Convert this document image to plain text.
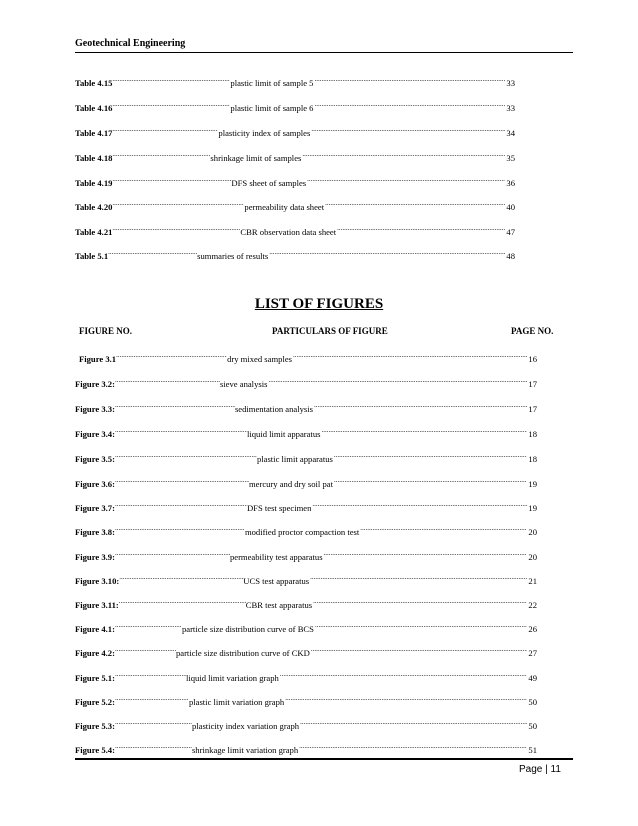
Geotechnical Engineering
Table 4.15 .....	plastic limit of sample 5 .....	33
Table 4.16 .....	plastic limit of sample 6 .....	33
Table 4.17 .....	plasticity index of samples .....	34
Table 4.18 .....	shrinkage limit of samples .....	35
Table 4.19 .....	DFS sheet of samples .....	36
Table 4.20 .....	permeability data sheet .....	40
Table 4.21 .....	CBR observation data sheet .....	47
Table 5.1 .....	summaries of results .....	48
LIST OF FIGURES
FIGURE NO.	PARTICULARS OF FIGURE	PAGE NO.
Figure 3.1 .....	dry mixed samples .....	16
Figure 3.2: .....	sieve analysis .....	17
Figure 3.3: .....	sedimentation analysis .....	17
Figure 3.4: .....	liquid limit apparatus .....	18
Figure 3.5: .....	plastic limit apparatus .....	18
Figure 3.6: .....	mercury and dry soil pat .....	19
Figure 3.7: .....	DFS test specimen .....	19
Figure 3.8: .....	modified proctor compaction test .....	20
Figure 3.9: .....	permeability test apparatus .....	20
Figure 3.10: .....	UCS test apparatus .....	21
Figure 3.11: .....	CBR test apparatus .....	22
Figure 4.1: .....	particle size distribution curve of BCS .....	26
Figure 4.2: .....	particle size distribution curve of CKD .....	27
Figure 5.1: .....	liquid limit variation graph .....	49
Figure 5.2: .....	plastic limit variation graph .....	50
Figure 5.3: .....	plasticity index variation graph .....	50
Figure 5.4: .....	shrinkage limit variation graph .....	51
Page | 11
